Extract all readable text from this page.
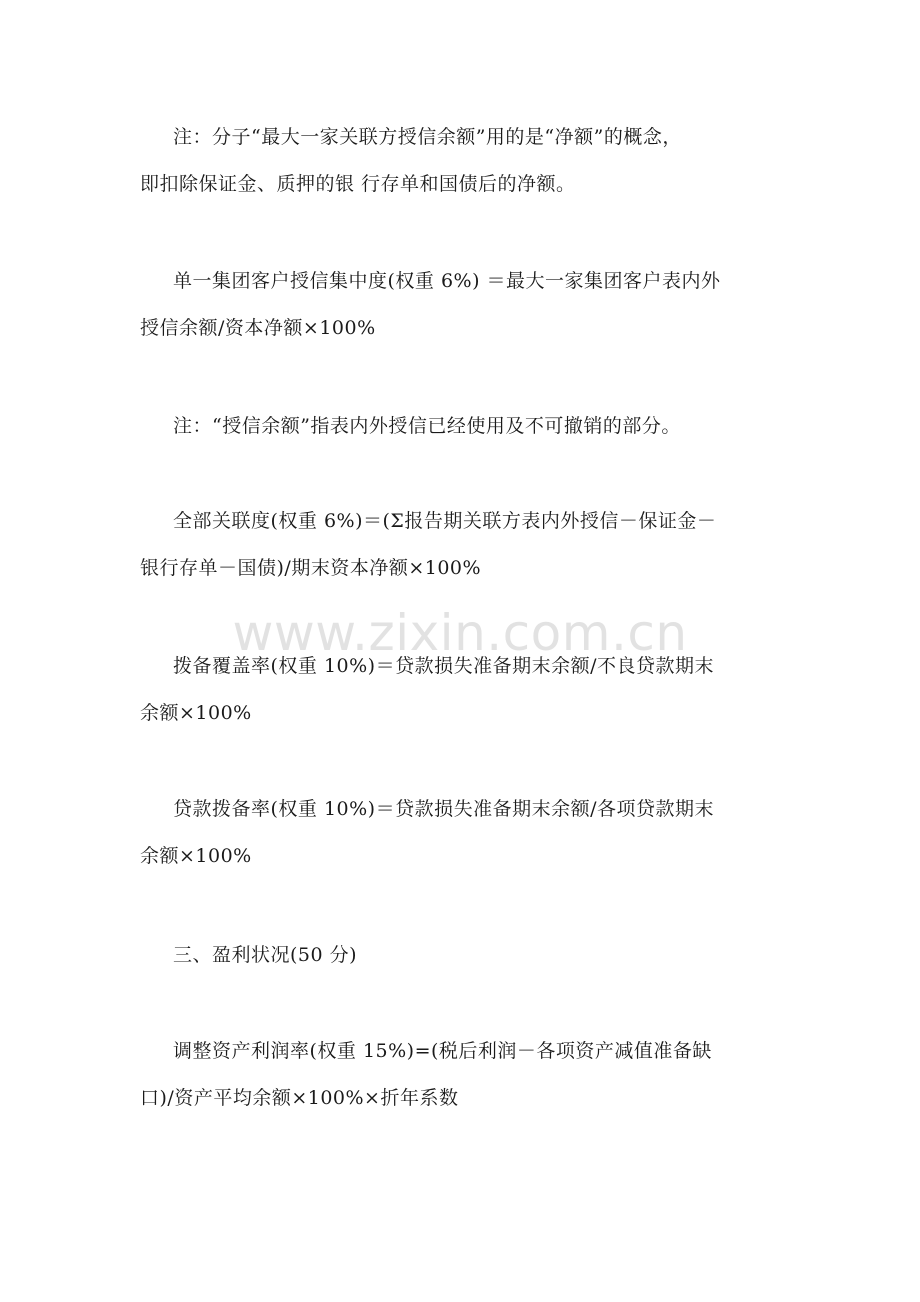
注：分子“最大一家关联方授信余额”用的是“净额”的概念，
即扣除保证金、质押的银 行存单和国债后的净额。

单一集团客户授信集中度(权重 6%) ＝最大一家集团客户表内外
授信余额/资本净额×100%

注：“授信余额”指表内外授信已经使用及不可撤销的部分。

全部关联度(权重 6%)＝(Σ报告期关联方表内外授信－保证金－
银行存单－国债)/期末资本净额×100%

拨备覆盖率(权重 10%)＝贷款损失准备期末余额/不良贷款期末
余额×100%

贷款拨备率(权重 10%)＝贷款损失准备期末余额/各项贷款期末
余额×100%

三、盈利状况(50 分)

调整资产利润率(权重 15%)=(税后利润－各项资产减值准备缺
口)/资产平均余额×100%×折年系数

www.zixin.com.cn
